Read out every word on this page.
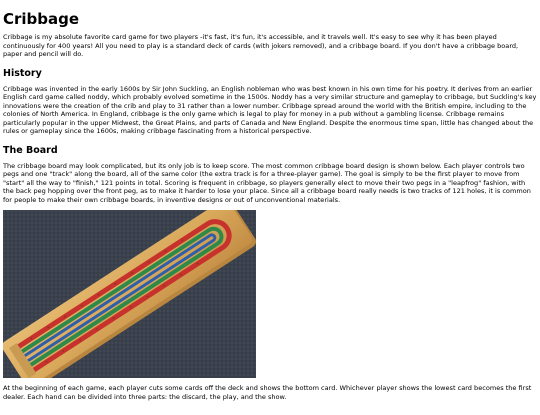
Cribbage

Cribbage is my absolute favorite card game for two players -it's fast, it's fun, it's accessible, and it travels well. It's easy to see why it has been played continuously for 400 years! All you need to play is a standard deck of cards (with jokers removed), and a cribbage board. If you don't have a cribbage board, paper and pencil will do.

History

Cribbage was invented in the early 1600s by Sir John Suckling, an English nobleman who was best known in his own time for his poetry. It derives from an earlier English card game called noddy, which probably evolved sometime in the 1500s. Noddy has a very similar structure and gameplay to cribbage, but Suckling's key innovations were the creation of the crib and play to 31 rather than a lower number. Cribbage spread around the world with the British empire, including to the colonies of North America. In England, cribbage is the only game which is legal to play for money in a pub without a gambling license. Cribbage remains particularly popular in the upper Midwest, the Great Plains, and parts of Canada and New England. Despite the enormous time span, little has changed about the rules or gameplay since the 1600s, making cribbage fascinating from a historical perspective.

The Board

The cribbage board may look complicated, but its only job is to keep score. The most common cribbage board design is shown below. Each player controls two pegs and one "track" along the board, all of the same color (the extra track is for a three-player game). The goal is simply to be the first player to move from "start" all the way to "finish," 121 points in total. Scoring is frequent in cribbage, so players generally elect to move their two pegs in a "leapfrog" fashion, with the back peg hopping over the front peg, as to make it harder to lose your place. Since all a cribbage board really needs is two tracks of 121 holes, it is common for people to make their own cribbage boards, in inventive designs or out of unconventional materials.

At the beginning of each game, each player cuts some cards off the deck and shows the bottom card. Whichever player shows the lowest card becomes the first dealer. Each hand can be divided into three parts: the discard, the play, and the show.
